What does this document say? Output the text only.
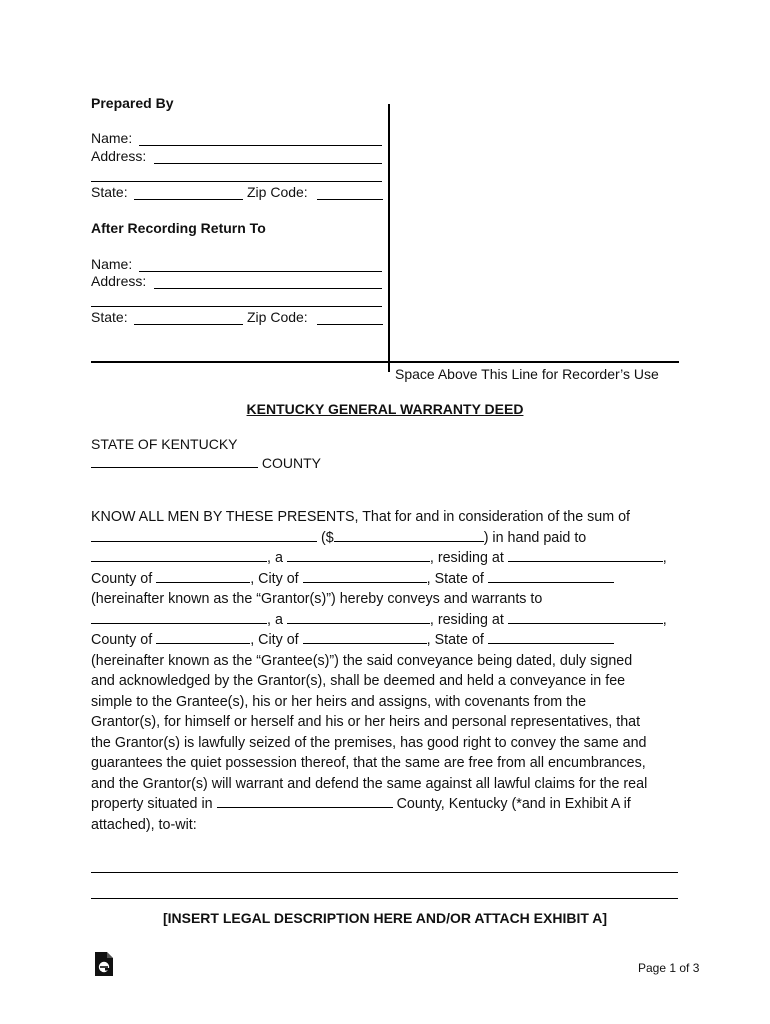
Prepared By
Name:
Address:
State:	Zip Code:
After Recording Return To
Name:
Address:
State:	Zip Code:
Space Above This Line for Recorder’s Use
KENTUCKY GENERAL WARRANTY DEED
STATE OF KENTUCKY
COUNTY

KNOW ALL MEN BY THESE PRESENTS, That for and in consideration of the sum of

($	) in hand paid to

, a	, residing at	,

County of	, City of	, State of

(hereinafter known as the “Grantor(s)”) hereby conveys and warrants to

, a	, residing at	,

County of	, City of	, State of

(hereinafter known as the “Grantee(s)”) the said conveyance being dated, duly signed

and acknowledged by the Grantor(s), shall be deemed and held a conveyance in fee

simple to the Grantee(s), his or her heirs and assigns, with covenants from the

Grantor(s), for himself or herself and his or her heirs and personal representatives, that

the Grantor(s) is lawfully seized of the premises, has good right to convey the same and

guarantees the quiet possession thereof, that the same are free from all encumbrances,

and the Grantor(s) will warrant and defend the same against all lawful claims for the real

property situated in	County, Kentucky (*and in Exhibit A if

attached), to-wit:

[INSERT LEGAL DESCRIPTION HERE AND/OR ATTACH EXHIBIT A]
Page 1 of 3
